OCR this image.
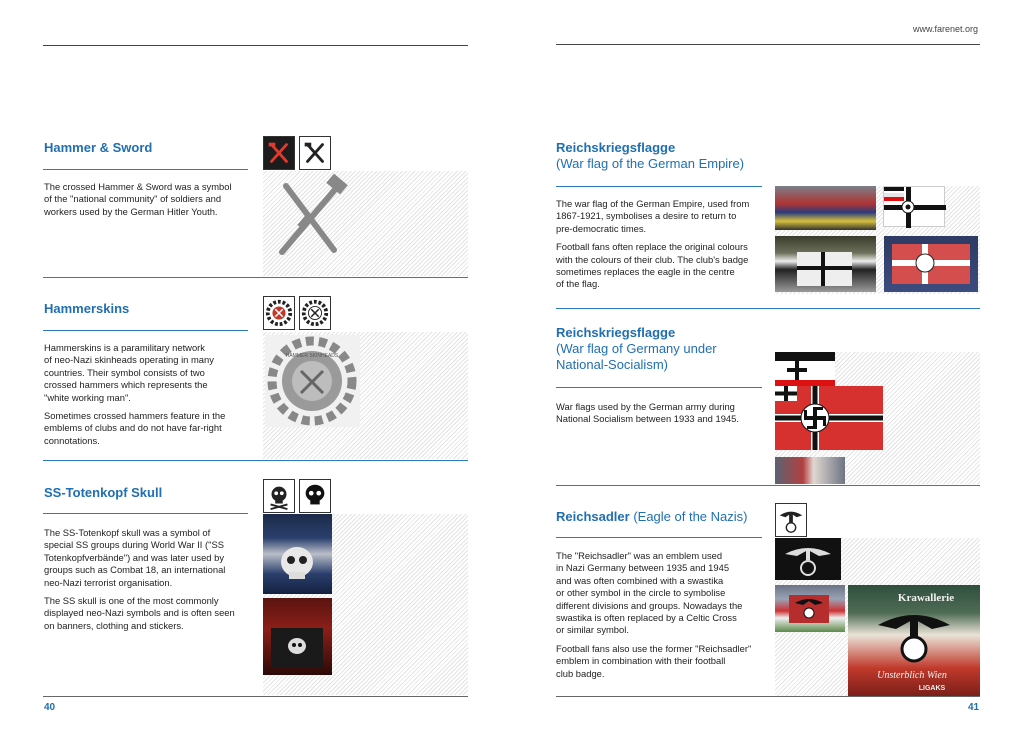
www.farenet.org
Hammer & Sword

The crossed Hammer & Sword was a symbol
of the "national community" of soldiers and
workers used by the German Hitler Youth.

Hammerskins

Hammerskins is a paramilitary network
of neo-Nazi skinheads operating in many
countries. Their symbol consists of two
crossed hammers which represents the
"white working man".

Sometimes crossed hammers feature in the
emblems of clubs and do not have far-right
connotations.

HAMMER SKINHEADS
SS-Totenkopf Skull

The SS-Totenkopf skull was a symbol of
special SS groups during World War II ("SS
Totenkopfverbände") and was later used by
groups such as Combat 18, an international
neo-Nazi terrorist organisation.

The SS skull is one of the most commonly
displayed neo-Nazi symbols and is often seen
on banners, clothing and stickers.

40
Reichskriegsflagge
(War flag of the German Empire)

The war flag of the German Empire, used from
1867-1921, symbolises a desire to return to
pre-democratic times.

Football fans often replace the original colours
with the colours of their club. The club's badge
sometimes replaces the eagle in the centre
of the flag.

Reichskriegsflagge
(War flag of Germany under
National-Socialism)

War flags used by the German army during
National Socialism between 1933 and 1945.

Reichsadler (Eagle of the Nazis)

The "Reichsadler" was an emblem used
in Nazi Germany between 1935 and 1945
and was often combined with a swastika
or other symbol in the circle to symbolise
different divisions and groups. Nowadays the
swastika is often replaced by a Celtic Cross
or similar symbol.

Football fans also use the former "Reichsadler"
emblem in combination with their football
club badge.

Krawallerie
Unsterblich Wien
LIGAKS
41
